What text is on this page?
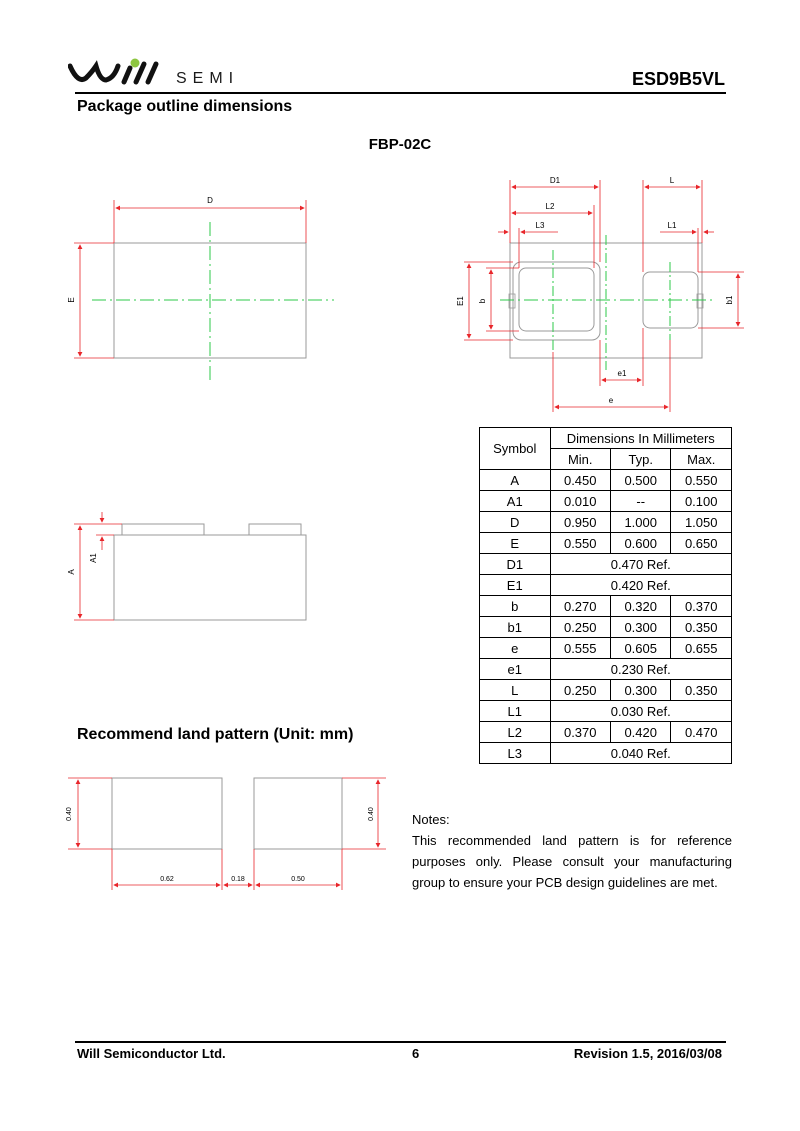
SEMI	ESD9B5VL
Package outline dimensions
FBP-02C
D
E
A
A1
D1	L
L2
L3	L1
E1 b	b1
e1
e
0.40	0.40
0.62	0.18	0.50
Symbol	Dimensions In Millimeters		
	Min.	Typ.	Max.
A	0.450	0.500	0.550
A1	0.010	--	0.100
D	0.950	1.000	1.050
E	0.550	0.600	0.650
D1	0.470 Ref.		
E1	0.420 Ref.		
b	0.270	0.320	0.370
b1	0.250	0.300	0.350
e	0.555	0.605	0.655
e1	0.230 Ref.		
L	0.250	0.300	0.350
L1	0.030 Ref.		
L2	0.370	0.420	0.470
L3	0.040 Ref.		
Recommend land pattern (Unit: mm)

Notes:

This recommended land pattern is for reference purposes only. Please consult your manufacturing group to ensure your PCB design guidelines are met.

Will Semiconductor Ltd.	6	Revision 1.5, 2016/03/08
